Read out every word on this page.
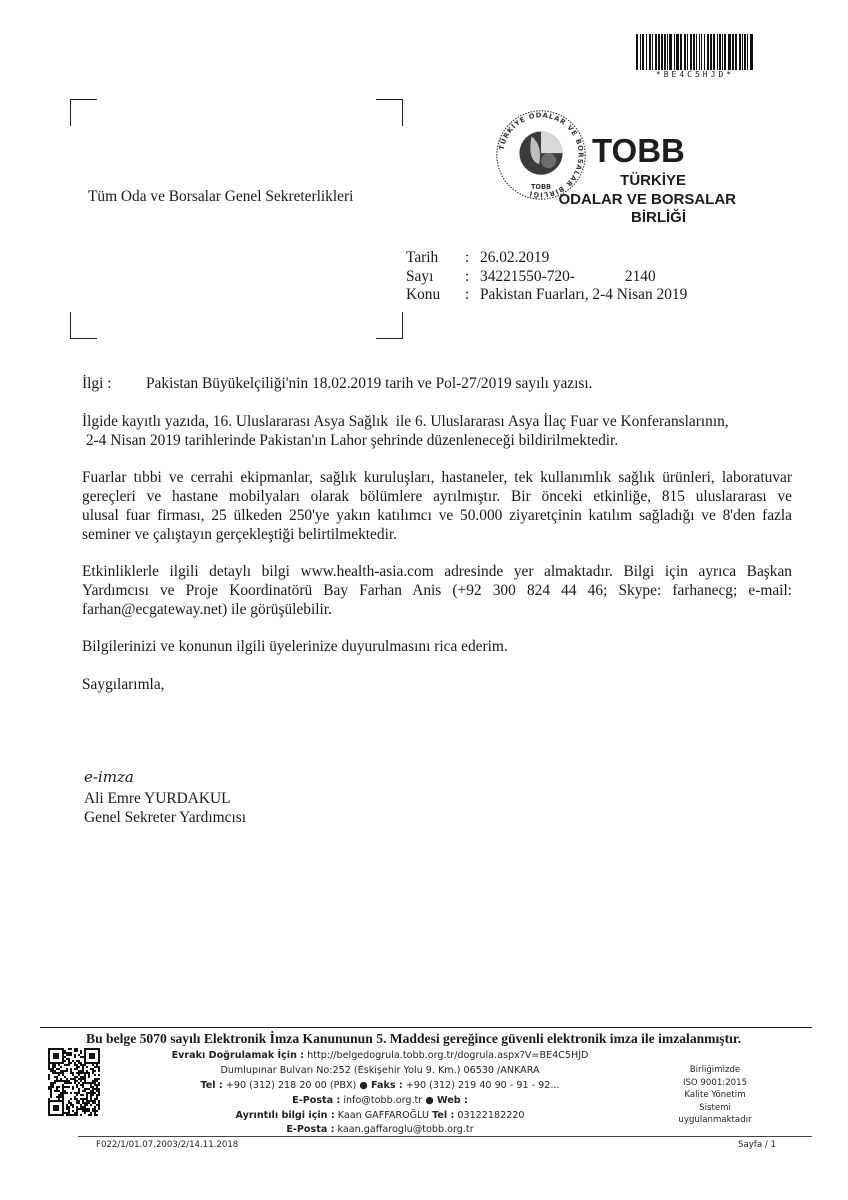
*BE4C5HJD*
Tüm Oda ve Borsalar Genel Sekreterlikleri
TÜRKİYE ODALAR VE BORSALAR BİRLİĞİ
TOBB
TOBB
TÜRKİYE
ODALAR VE BORSALAR
BİRLİĞİ
Tarih	:	26.02.2019
Sayı	:	34221550-720- 2140
Konu	:	Pakistan Fuarları, 2-4 Nisan 2019
İlgi : Pakistan Büyükelçiliği'nin 18.02.2019 tarih ve Pol-27/2019 sayılı yazısı.
İlgide kayıtlı yazıda, 16. Uluslararası Asya Sağlık  ile 6. Uluslararası Asya İlaç Fuar ve Konferanslarının,
2-4 Nisan 2019 tarihlerinde Pakistan'ın Lahor şehrinde düzenleneceği bildirilmektedir.
Fuarlar tıbbi ve cerrahi ekipmanlar, sağlık kuruluşları, hastaneler, tek kullanımlık sağlık ürünleri, laboratuvar
gereçleri ve hastane mobilyaları olarak bölümlere ayrılmıştır. Bir önceki etkinliğe, 815 uluslararası ve
ulusal fuar firması, 25 ülkeden 250'ye yakın katılımcı ve 50.000 ziyaretçinin katılım sağladığı ve 8'den fazla
seminer ve çalıştayın gerçekleştiği belirtilmektedir.
Etkinliklerle ilgili detaylı bilgi www.health-asia.com adresinde yer almaktadır. Bilgi için ayrıca Başkan
Yardımcısı ve Proje Koordinatörü Bay Farhan Anis (+92 300 824 44 46; Skype: farhanecg; e-mail:
farhan@ecgateway.net) ile görüşülebilir.
Bilgilerinizi ve konunun ilgili üyelerinize duyurulmasını rica ederim.
Saygılarımla,
e-imza
Ali Emre YURDAKUL
Genel Sekreter Yardımcısı
Bu belge 5070 sayılı Elektronik İmza Kanununun 5. Maddesi gereğince güvenli elektronik imza ile imzalanmıştır.
Evrakı Doğrulamak İçin : http://belgedogrula.tobb.org.tr/dogrula.aspx?V=BE4C5HJD
Dumlupınar Bulvarı No:252 (Eskişehir Yolu 9. Km.) 06530 /ANKARA
Tel : +90 (312) 218 20 00 (PBX) ● Faks : +90 (312) 219 40 90 - 91 - 92...
E-Posta : info@tobb.org.tr ● Web :
Ayrıntılı bilgi için : Kaan GAFFAROĞLU Tel : 03122182220
E-Posta : kaan.gaffaroglu@tobb.org.tr
Birliğimizde
ISO 9001:2015
Kalite Yönetim
Sistemi
uygulanmaktadır
F022/1/01.07.2003/2/14.11.2018	Sayfa / 1
